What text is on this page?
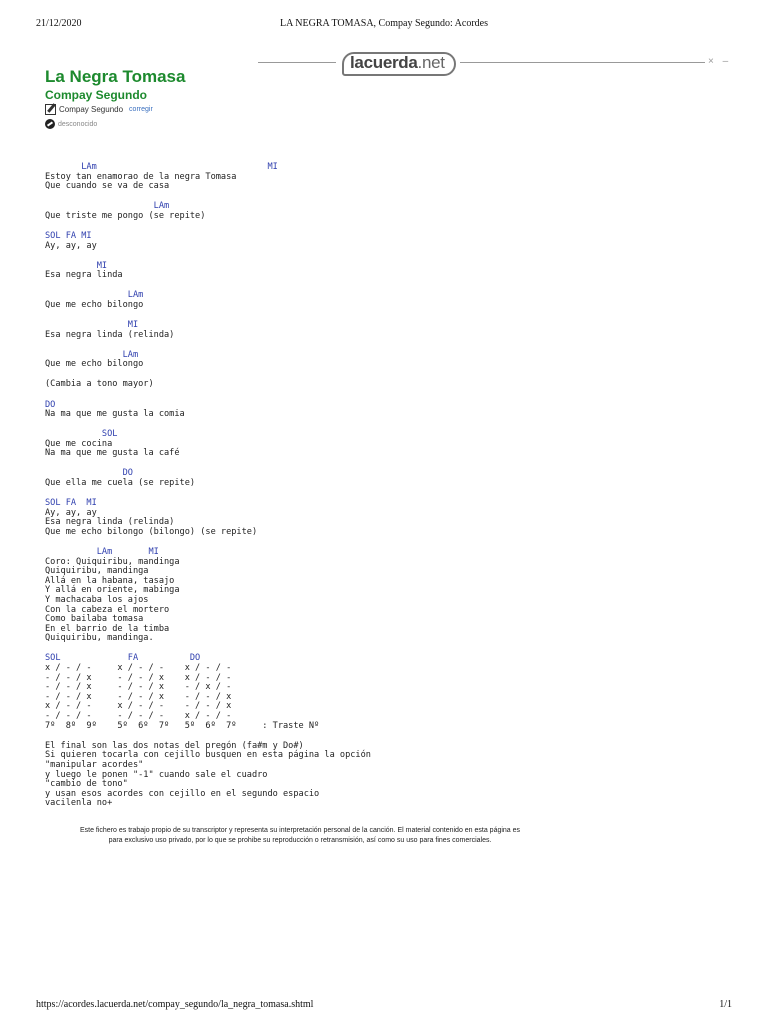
21/12/2020	LA NEGRA TOMASA, Compay Segundo: Acordes
lacuerda.net	× –
La Negra Tomasa
Compay Segundo
Compay Segundo corregir
desconocido
LAm                                 MI
Estoy tan enamorao de la negra Tomasa
Que cuando se va de casa
LAm
Que triste me pongo (se repite)
SOL FA MI
Ay, ay, ay
MI
Esa negra linda
LAm
Que me echo bilongo
MI
Esa negra linda (relinda)
LAm
Que me echo bilongo
(Cambia a tono mayor)
DO
Na ma que me gusta la comia
SOL
Que me cocina
Na ma que me gusta la café
DO
Que ella me cuela (se repite)
SOL FA  MI
Ay, ay, ay
Esa negra linda (relinda)
Que me echo bilongo (bilongo) (se repite)
LAm       MI
Coro: Quiquiribu, mandinga
Quiquiribu, mandinga
Allá en la habana, tasajo
Y allá en oriente, mabinga
Y machacaba los ajos
Con la cabeza el mortero
Como bailaba tomasa
En el barrio de la timba
Quiquiribu, mandinga.
SOL             FA          DO
x / - / -     x / - / -    x / - / -
- / - / x     - / - / x    x / - / -
- / - / x     - / - / x    - / x / -
- / - / x     - / - / x    - / - / x
x / - / -     x / - / -    - / - / x
- / - / -     - / - / -    x / - / -
7º  8º  9º    5º  6º  7º   5º  6º  7º     : Traste Nº
El final son las dos notas del pregón (fa#m y Do#)
Si quieren tocarla con cejillo busquen en esta página la opción
"manipular acordes"
y luego le ponen "-1" cuando sale el cuadro
"cambio de tono"
y usan esos acordes con cejillo en el segundo espacio
vacilenla no+
Este fichero es trabajo propio de su transcriptor y representa su interpretación personal de la canción. El material contenido en esta página es
para exclusivo uso privado, por lo que se prohibe su reproducción o retransmisión, así como su uso para fines comerciales.
https://acordes.lacuerda.net/compay_segundo/la_negra_tomasa.shtml	1/1
